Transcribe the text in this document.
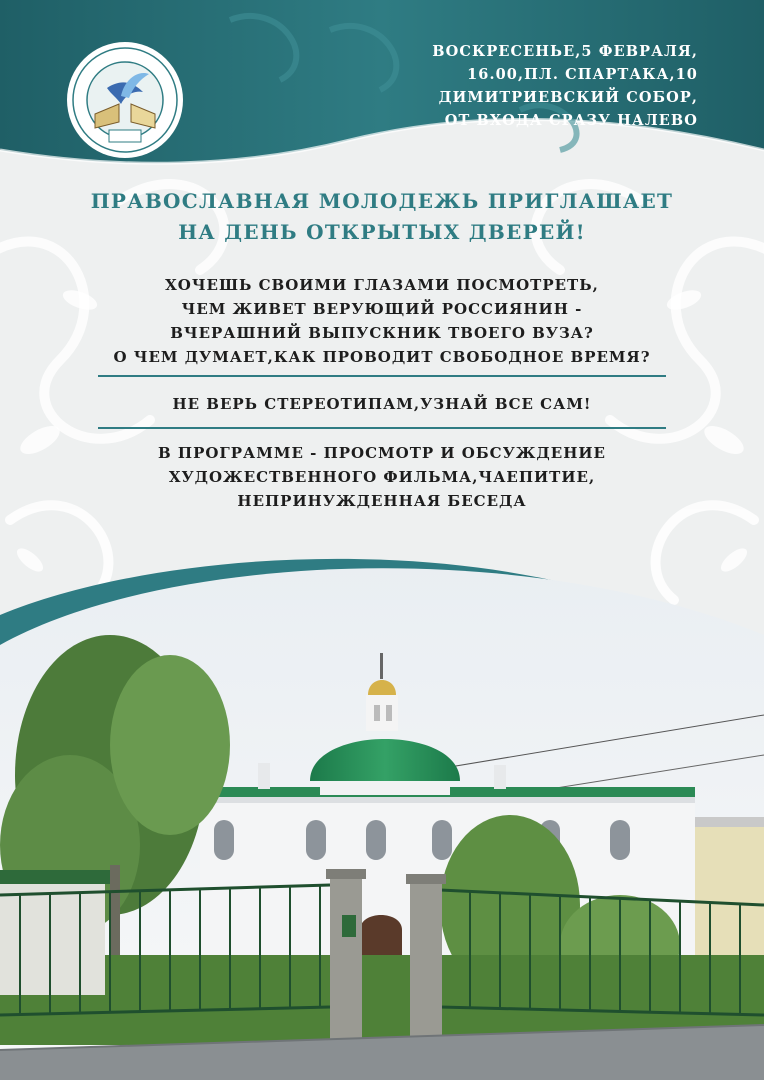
ВОСКРЕСЕНЬЕ,5 ФЕВРАЛЯ,
16.00,ПЛ. СПАРТАКА,10
ДИМИТРИЕВСКИЙ СОБОР,
ОТ ВХОДА СРАЗУ НАЛЕВО
ПРАВОСЛАВНАЯ МОЛОДЕЖЬ ПРИГЛАШАЕТ
НА ДЕНЬ ОТКРЫТЫХ ДВЕРЕЙ!
ХОЧЕШЬ СВОИМИ ГЛАЗАМИ ПОСМОТРЕТЬ,
ЧЕМ ЖИВЕТ ВЕРУЮЩИЙ РОССИЯНИН -
ВЧЕРАШНИЙ ВЫПУСКНИК ТВОЕГО ВУЗА?
О ЧЕМ ДУМАЕТ,КАК ПРОВОДИТ СВОБОДНОЕ ВРЕМЯ?
НЕ ВЕРЬ СТЕРЕОТИПАМ,УЗНАЙ ВСЕ САМ!
В ПРОГРАММЕ - ПРОСМОТР И ОБСУЖДЕНИЕ
ХУДОЖЕСТВЕННОГО ФИЛЬМА,ЧАЕПИТИЕ,
НЕПРИНУЖДЕННАЯ БЕСЕДА
